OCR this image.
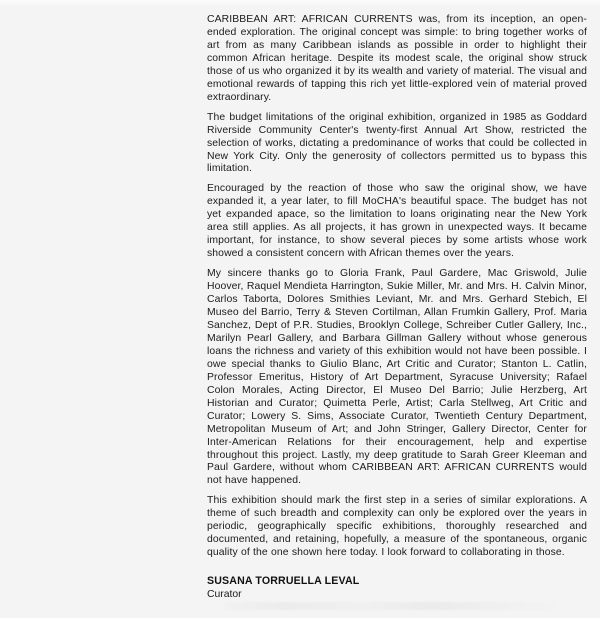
CARIBBEAN ART: AFRICAN CURRENTS was, from its inception, an open-ended exploration. The original concept was simple: to bring together works of art from as many Caribbean islands as possible in order to highlight their common African heritage. Despite its modest scale, the original show struck those of us who organized it by its wealth and variety of material. The visual and emotional rewards of tapping this rich yet little-explored vein of material proved extraordinary.

The budget limitations of the original exhibition, organized in 1985 as Goddard Riverside Community Center's twenty-first Annual Art Show, restricted the selection of works, dictating a predominance of works that could be collected in New York City. Only the generosity of collectors permitted us to bypass this limitation.

Encouraged by the reaction of those who saw the original show, we have expanded it, a year later, to fill MoCHA's beautiful space. The budget has not yet expanded apace, so the limitation to loans originating near the New York area still applies. As all projects, it has grown in unexpected ways. It became important, for instance, to show several pieces by some artists whose work showed a consistent concern with African themes over the years.

My sincere thanks go to Gloria Frank, Paul Gardere, Mac Griswold, Julie Hoover, Raquel Mendieta Harrington, Sukie Miller, Mr. and Mrs. H. Calvin Minor, Carlos Taborta, Dolores Smithies Leviant, Mr. and Mrs. Gerhard Stebich, El Museo del Barrio, Terry & Steven Cortilman, Allan Frumkin Gallery, Prof. Maria Sanchez, Dept of P.R. Studies, Brooklyn College, Schreiber Cutler Gallery, Inc., Marilyn Pearl Gallery, and Barbara Gillman Gallery without whose generous loans the richness and variety of this exhibition would not have been possible. I owe special thanks to Giulio Blanc, Art Critic and Curator; Stanton L. Catlin, Professor Emeritus, History of Art Department, Syracuse University; Rafael Colon Morales, Acting Director, El Museo Del Barrio; Julie Herzberg, Art Historian and Curator; Quimetta Perle, Artist; Carla Stellweg, Art Critic and Curator; Lowery S. Sims, Associate Curator, Twentieth Century Department, Metropolitan Museum of Art; and John Stringer, Gallery Director, Center for Inter-American Relations for their encouragement, help and expertise throughout this project. Lastly, my deep gratitude to Sarah Greer Kleeman and Paul Gardere, without whom CARIBBEAN ART: AFRICAN CURRENTS would not have happened.

This exhibition should mark the first step in a series of similar explorations. A theme of such breadth and complexity can only be explored over the years in periodic, geographically specific exhibitions, thoroughly researched and documented, and retaining, hopefully, a measure of the spontaneous, organic quality of the one shown here today. I look forward to collaborating in those.

SUSANA TORRUELLA LEVAL
Curator
